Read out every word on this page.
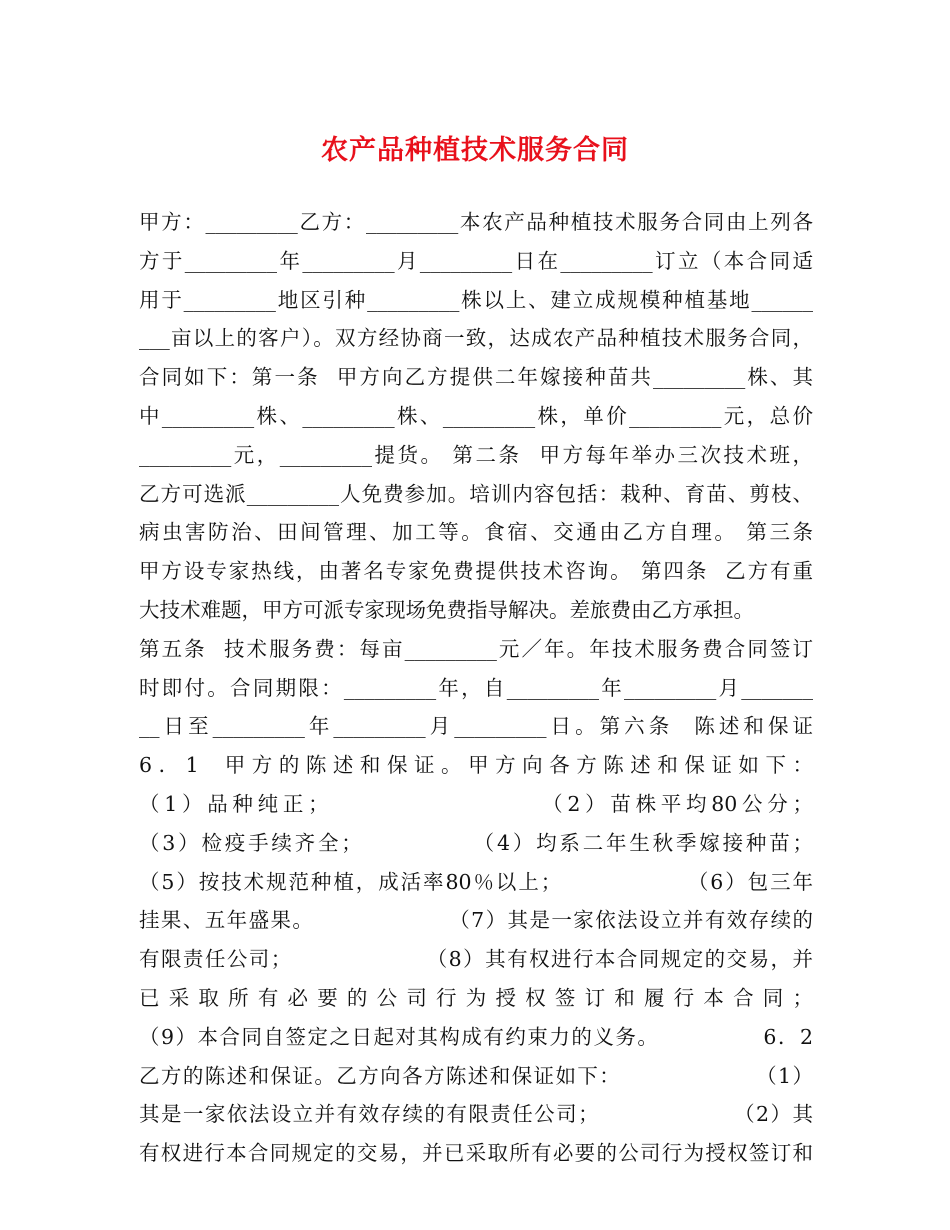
农产品种植技术服务合同
甲方：_________乙方：_________本农产品种植技术服务合同由上列各
方于_________年_________月_________日在_________订立（本合同适
用于_________地区引种_________株以上、建立成规模种植基地______
___亩以上的客户）。双方经协商一致，达成农产品种植技术服务合同，
合同如下：第一条  甲方向乙方提供二年嫁接种苗共_________株、其
中_________株、_________株、_________株，单价_________元，总价
_________元，_________提货。 第二条  甲方每年举办三次技术班，
乙方可选派_________人免费参加。培训内容包括：栽种、育苗、剪枝、
病虫害防治、田间管理、加工等。食宿、交通由乙方自理。 第三条
甲方设专家热线，由著名专家免费提供技术咨询。 第四条  乙方有重
大技术难题，甲方可派专家现场免费指导解决。差旅费由乙方承担。
第五条  技术服务费：每亩_________元／年。年技术服务费合同签订
时即付。合同期限：_________年，自_________年_________月_______
__日至_________年_________月_________日。第六条  陈述和保证
6．1  甲方的陈述和保证。甲方向各方陈述和保证如下：
（1）品种纯正；                   （2）苗株平均80公分；
（3）检疫手续齐全；            （4）均系二年生秋季嫁接种苗；
（5）按技术规范种植，成活率80％以上；               （6）包三年
挂果、五年盛果。                 （7）其是一家依法设立并有效存续的
有限责任公司；                 （8）其有权进行本合同规定的交易，并
已采取所有必要的公司行为授权签订和履行本合同；
（9）本合同自签定之日起对其构成有约束力的义务。             6．2
乙方的陈述和保证。乙方向各方陈述和保证如下：                 （1）
其是一家依法设立并有效存续的有限责任公司；                 （2）其
有权进行本合同规定的交易，并已采取所有必要的公司行为授权签订和
